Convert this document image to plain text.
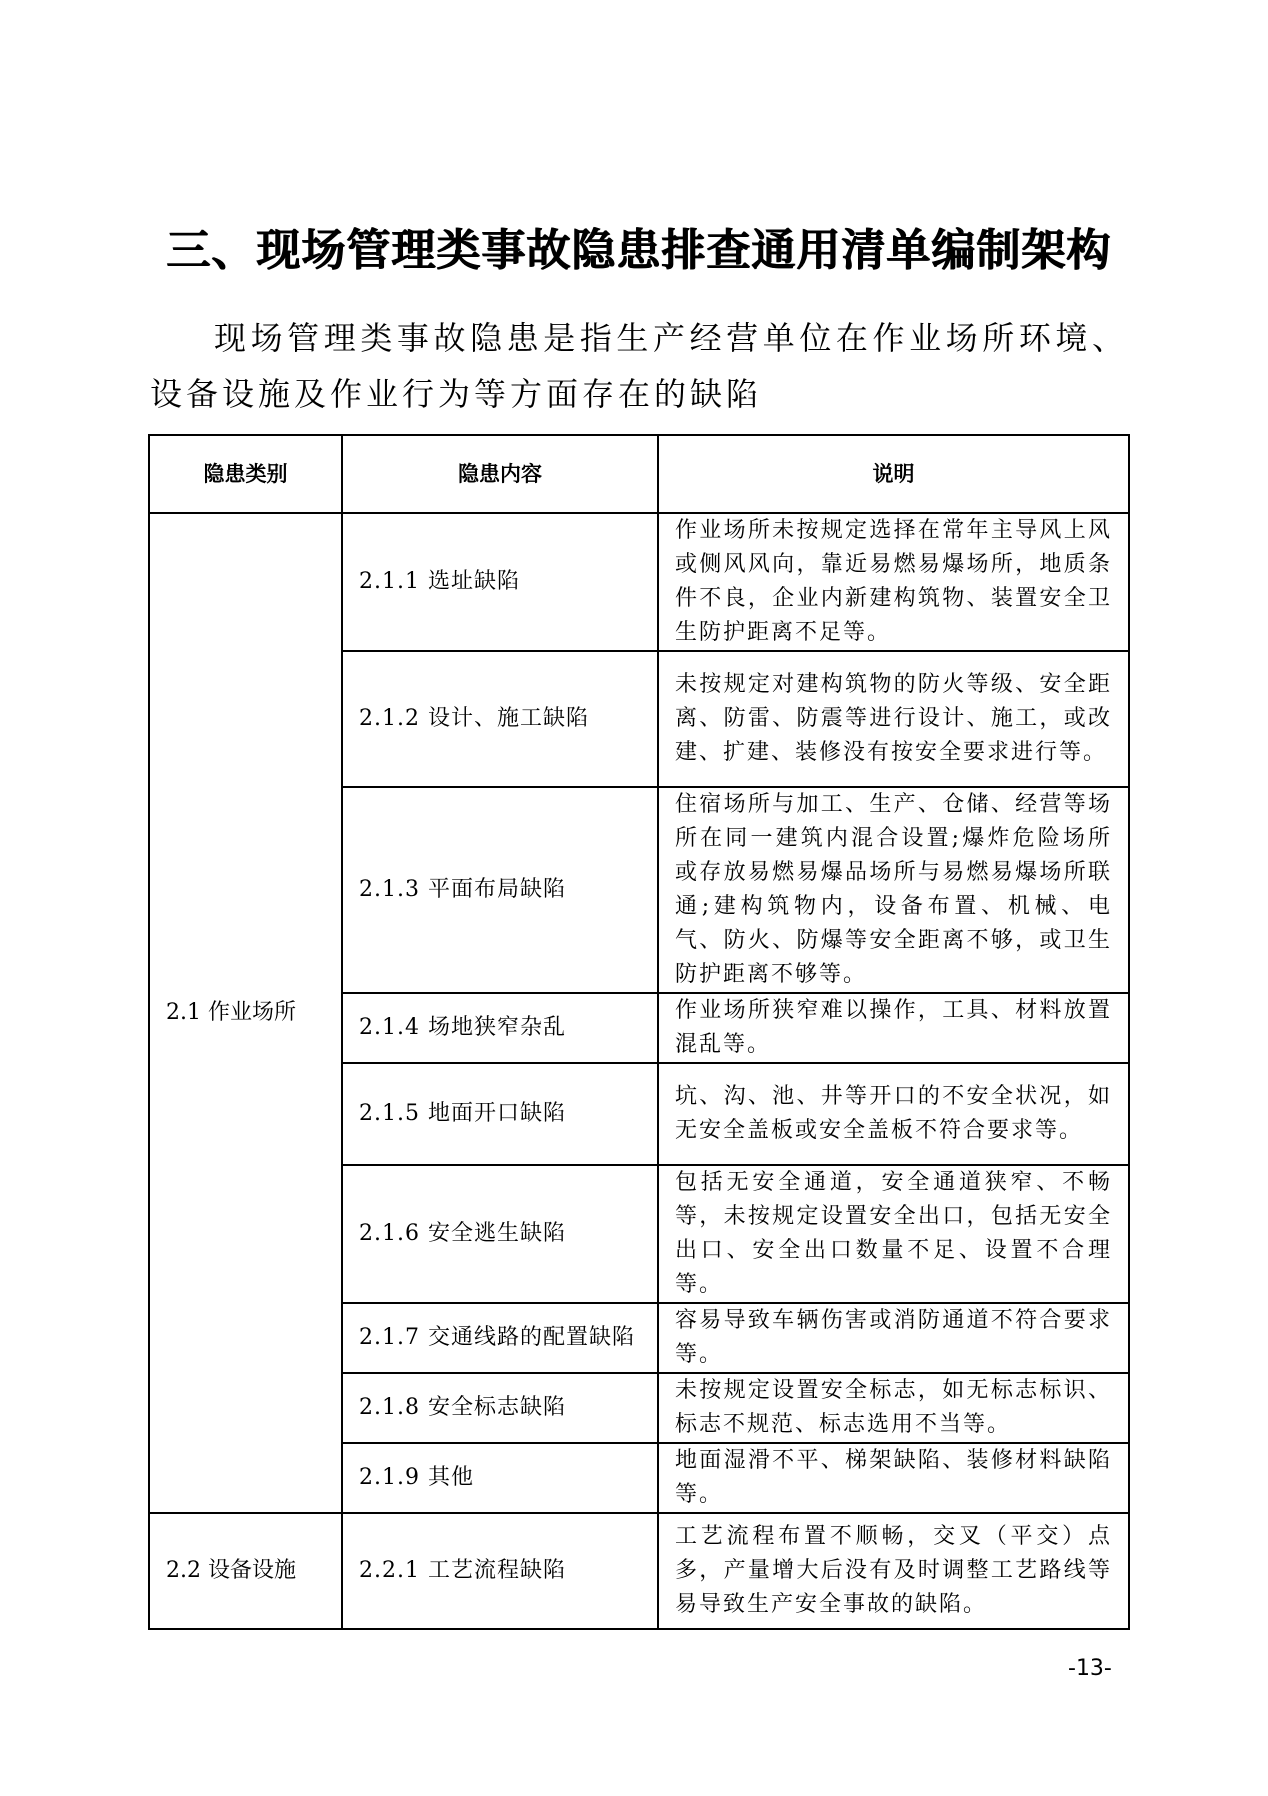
三、现场管理类事故隐患排查通用清单编制架构
现场管理类事故隐患是指生产经营单位在作业场所环境、设备设施及作业行为等方面存在的缺陷
隐患类别	隐患内容	说明
2.1 作业场所	2.1.1 选址缺陷	作业场所未按规定选择在常年主导风上风或侧风风向，靠近易燃易爆场所，地质条件不良，企业内新建构筑物、装置安全卫生防护距离不足等。
	2.1.2 设计、施工缺陷	未按规定对建构筑物的防火等级、安全距离、防雷、防震等进行设计、施工，或改建、扩建、装修没有按安全要求进行等。
	2.1.3 平面布局缺陷	住宿场所与加工、生产、仓储、经营等场所在同一建筑内混合设置;爆炸危险场所或存放易燃易爆品场所与易燃易爆场所联通;建构筑物内，设备布置、机械、电气、防火、防爆等安全距离不够，或卫生防护距离不够等。
	2.1.4 场地狭窄杂乱	作业场所狭窄难以操作，工具、材料放置混乱等。
	2.1.5 地面开口缺陷	坑、沟、池、井等开口的不安全状况，如无安全盖板或安全盖板不符合要求等。
	2.1.6 安全逃生缺陷	包括无安全通道，安全通道狭窄、不畅等，未按规定设置安全出口，包括无安全出口、安全出口数量不足、设置不合理等。
	2.1.7 交通线路的配置缺陷	容易导致车辆伤害或消防通道不符合要求等。
	2.1.8 安全标志缺陷	未按规定设置安全标志，如无标志标识、标志不规范、标志选用不当等。
	2.1.9 其他	地面湿滑不平、梯架缺陷、装修材料缺陷等。
2.2 设备设施	2.2.1 工艺流程缺陷	工艺流程布置不顺畅，交叉（平交）点多，产量增大后没有及时调整工艺路线等易导致生产安全事故的缺陷。
-13-
